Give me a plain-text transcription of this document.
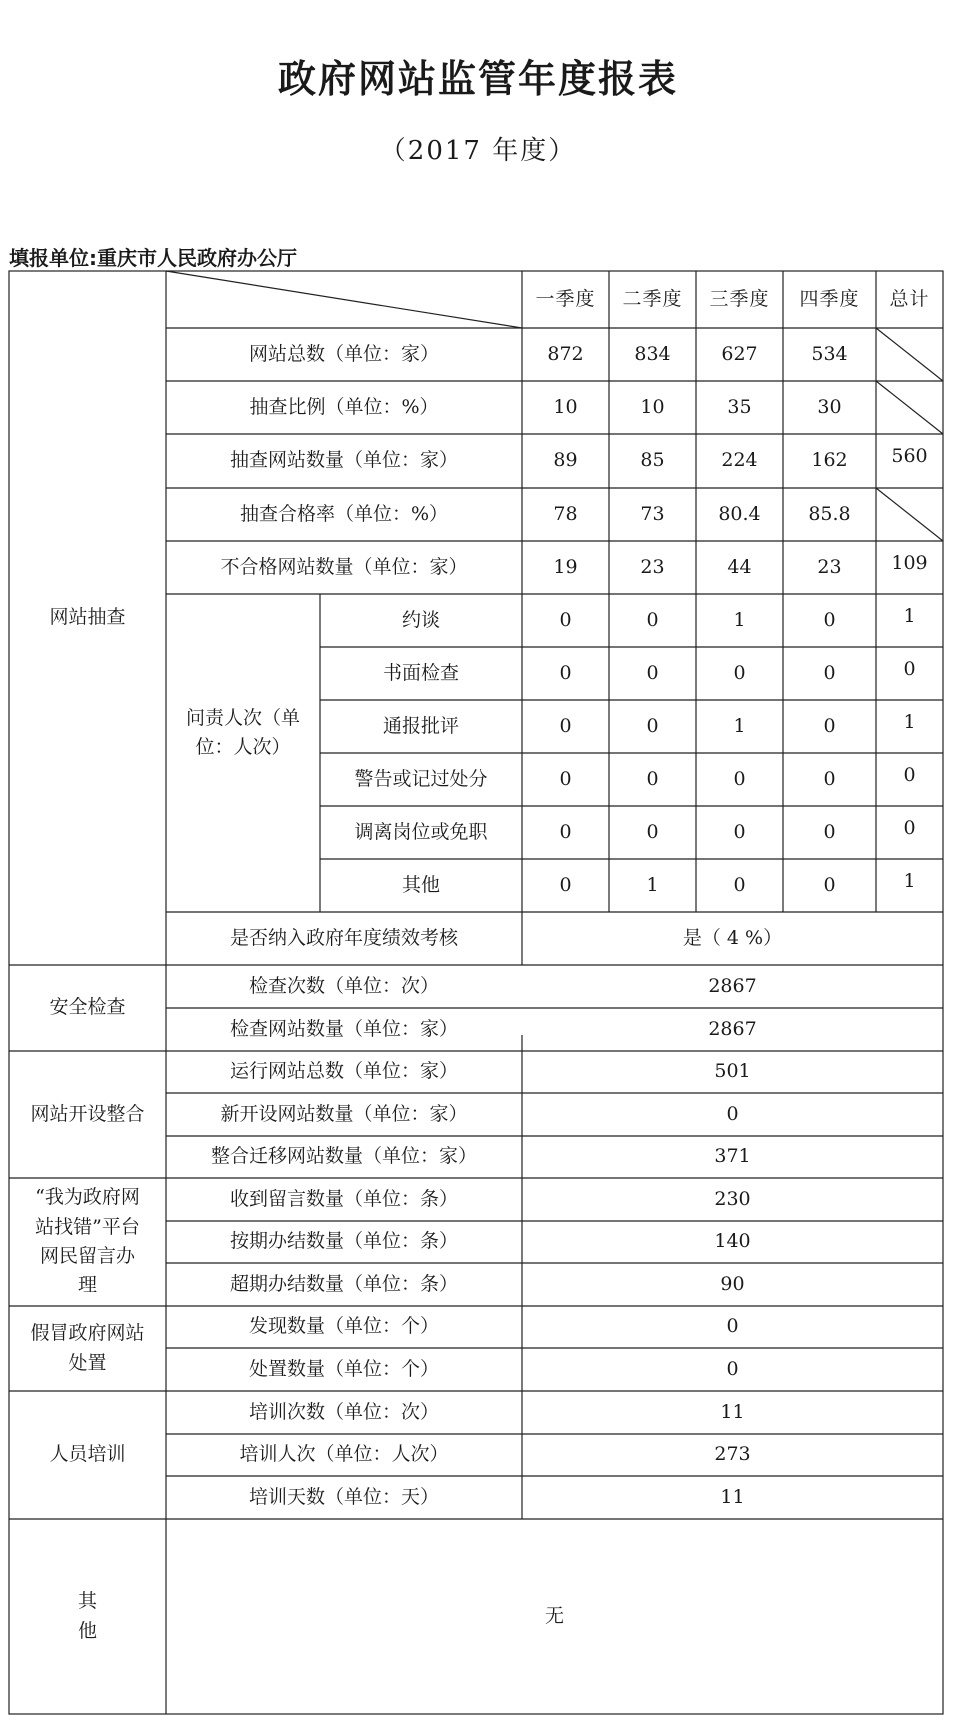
政府网站监管年度报表
（2017 年度）
填报单位:重庆市人民政府办公厅
一季度	二季度	三季度	四季度	总计
网站抽查
网站总数（单位：家）	872	834	627	534
抽查比例（单位：%）	10	10	35	30
抽查网站数量（单位：家）	89	85	224	162	560
抽查合格率（单位：%）	78	73	80.4	85.8
不合格网站数量（单位：家）	19	23	44	23	109
问责人次（单位：人次）
约谈	0	0	1	0	1
书面检查	0	0	0	0	0
通报批评	0	0	1	0	1
警告或记过处分	0	0	0	0	0
调离岗位或免职	0	0	0	0	0
其他	0	1	0	0	1
是否纳入政府年度绩效考核	是（ 4 %）
安全检查
检查次数（单位：次）	2867
检查网站数量（单位：家）	2867
网站开设整合
运行网站总数（单位：家）	501
新开设网站数量（单位：家）	0
整合迁移网站数量（单位：家）	371
“我为政府网站找错”平台网民留言办理
收到留言数量（单位：条）	230
按期办结数量（单位：条）	140
超期办结数量（单位：条）	90
假冒政府网站处置
发现数量（单位：个）	0
处置数量（单位：个）	0
人员培训
培训次数（单位：次）	11
培训人次（单位：人次）	273
培训天数（单位：天）	11
其他
无
